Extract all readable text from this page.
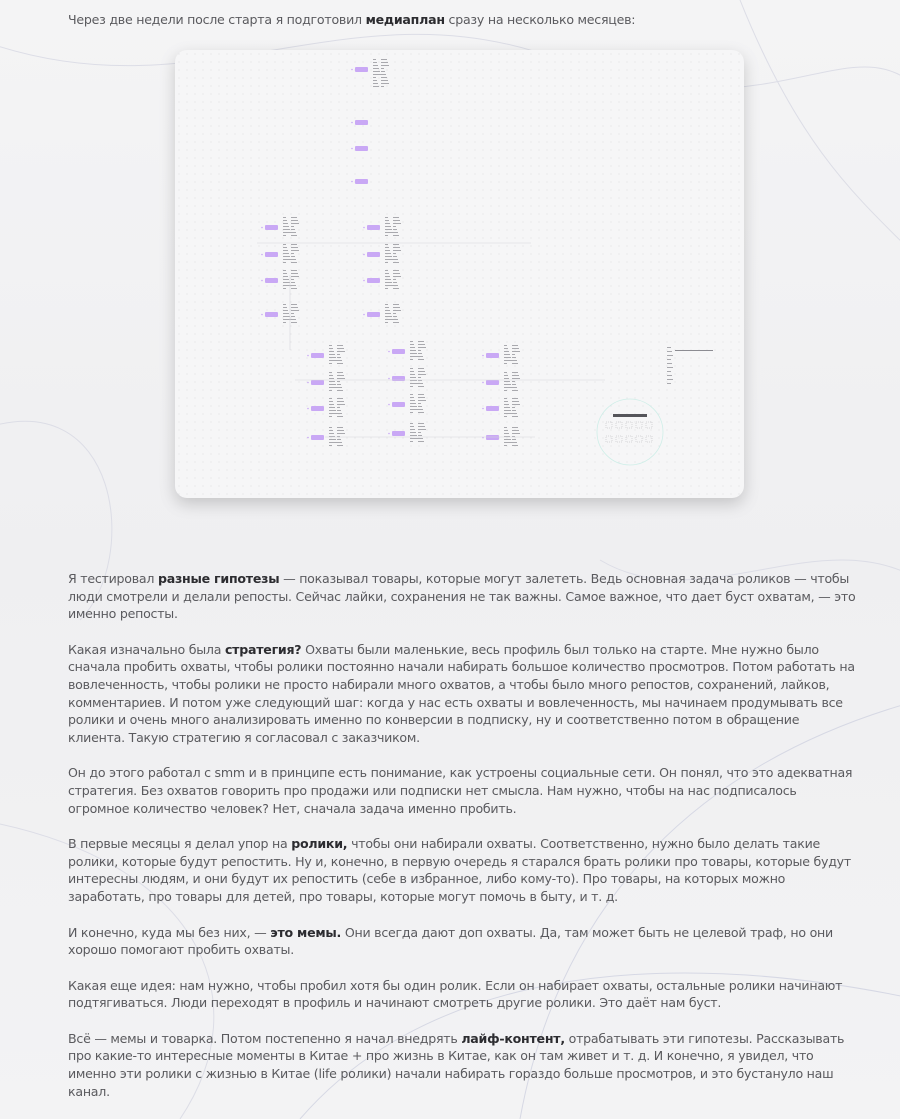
Через две недели после старта я подготовил медиаплан сразу на несколько месяцев:

Я тестировал разные гипотезы — показывал товары, которые могут залететь. Ведь основная задача роликов — чтобы люди смотрели и делали репосты. Сейчас лайки, сохранения не так важны. Самое важное, что дает буст охватам, — это именно репосты.

Какая изначально была стратегия? Охваты были маленькие, весь профиль был только на старте. Мне нужно было сначала пробить охваты, чтобы ролики постоянно начали набирать большое количество просмотров. Потом работать на вовлеченность, чтобы ролики не просто набирали много охватов, а чтобы было много репостов, сохранений, лайков, комментариев. И потом уже следующий шаг: когда у нас есть охваты и вовлеченность, мы начинаем продумывать все ролики и очень много анализировать именно по конверсии в подписку, ну и соответственно потом в обращение клиента. Такую стратегию я согласовал с заказчиком.

Он до этого работал с smm и в принципе есть понимание, как устроены социальные сети. Он понял, что это адекватная стратегия. Без охватов говорить про продажи или подписки нет смысла. Нам нужно, чтобы на нас подписалось огромное количество человек? Нет, сначала задача именно пробить.

В первые месяцы я делал упор на ролики, чтобы они набирали охваты. Соответственно, нужно было делать такие ролики, которые будут репостить. Ну и, конечно, в первую очередь я старался брать ролики про товары, которые будут интересны людям, и они будут их репостить (себе в избранное, либо кому-то). Про товары, на которых можно заработать, про товары для детей, про товары, которые могут помочь в быту, и т. д.

И конечно, куда мы без них, — это мемы. Они всегда дают доп охваты. Да, там может быть не целевой траф, но они хорошо помогают пробить охваты.

Какая еще идея: нам нужно, чтобы пробил хотя бы один ролик. Если он набирает охваты, остальные ролики начинают подтягиваться. Люди переходят в профиль и начинают смотреть другие ролики. Это даёт нам буст.

Всё — мемы и товарка. Потом постепенно я начал внедрять лайф-контент, отрабатывать эти гипотезы. Рассказывать про какие-то интересные моменты в Китае + про жизнь в Китае, как он там живет и т. д. И конечно, я увидел, что именно эти ролики с жизнью в Китае (life ролики) начали набирать гораздо больше просмотров, и это бустануло наш канал.
